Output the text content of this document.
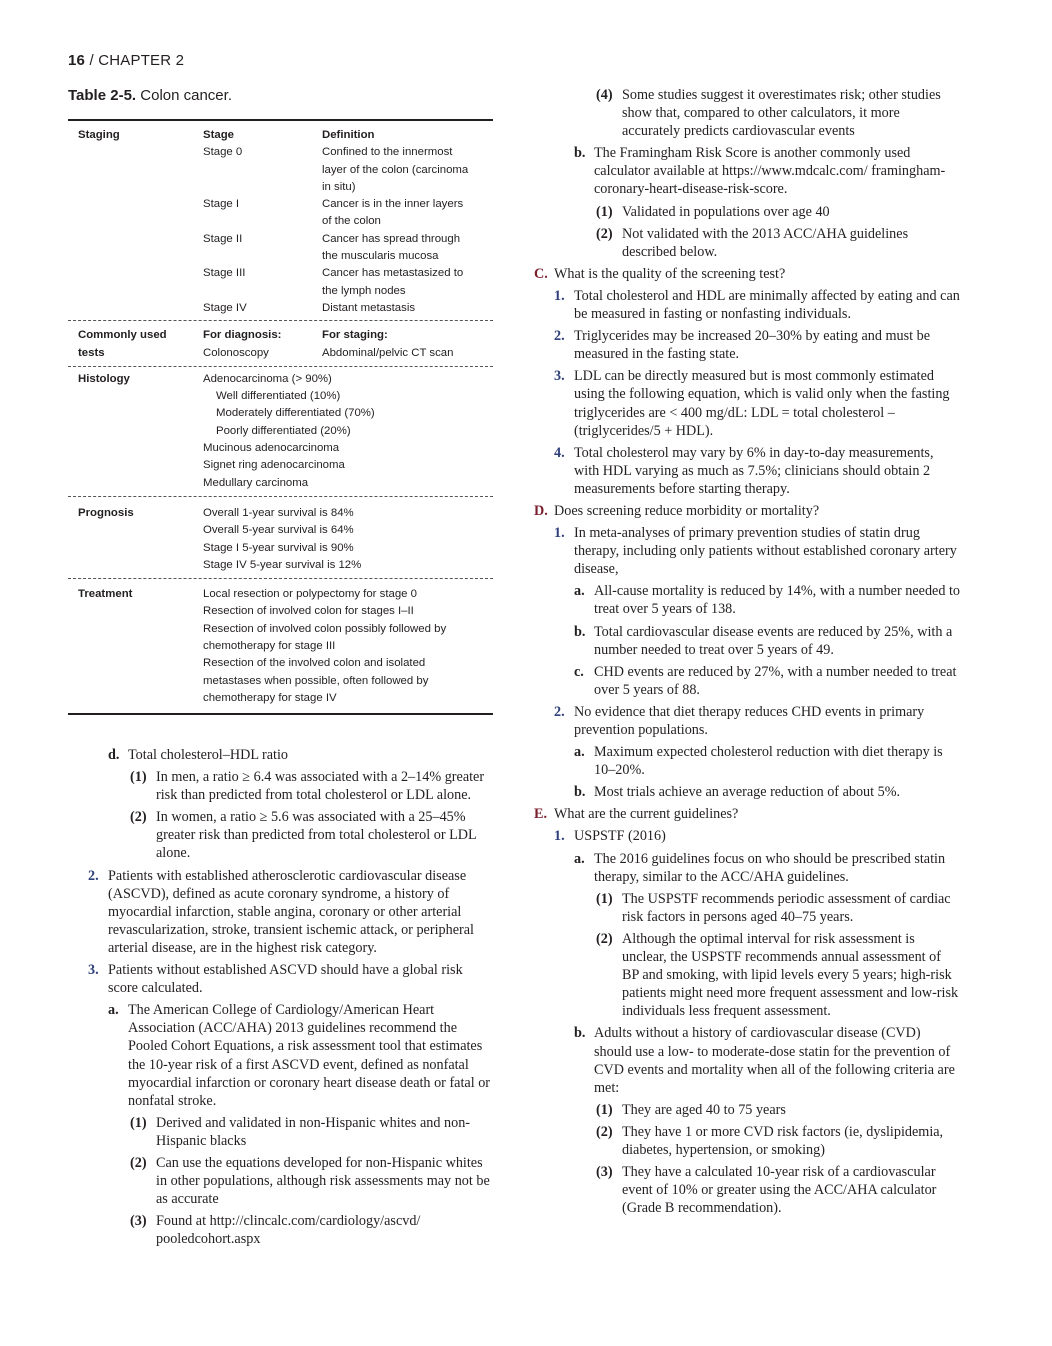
16 / CHAPTER 2
Table 2-5. Colon cancer.
Staging	Stage	Definition
Stage 0	Confined to the innermost
layer of the colon (carcinoma
in situ)
Stage I	Cancer is in the inner layers
of the colon
Stage II	Cancer has spread through
the muscularis mucosa
Stage III	Cancer has metastasized to
the lymph nodes
Stage IV	Distant metastasis
Commonly used	For diagnosis:	For staging:
tests	Colonoscopy	Abdominal/pelvic CT scan
Histology	Adenocarcinoma (> 90%)
Well differentiated (10%)
Moderately differentiated (70%)
Poorly differentiated (20%)
Mucinous adenocarcinoma
Signet ring adenocarcinoma
Medullary carcinoma
Prognosis	Overall 1-year survival is 84%
Overall 5-year survival is 64%
Stage I 5-year survival is 90%
Stage IV 5-year survival is 12%
Treatment	Local resection or polypectomy for stage 0
Resection of involved colon for stages I–II
Resection of involved colon possibly followed by
chemotherapy for stage III
Resection of the involved colon and isolated
metastases when possible, often followed by
chemotherapy for stage IV
d. Total cholesterol–HDL ratio
(1) In men, a ratio ≥ 6.4 was associated with a 2–14% greater risk than predicted from total cholesterol or LDL alone.
(2) In women, a ratio ≥ 5.6 was associated with a 25–45% greater risk than predicted from total cholesterol or LDL alone.
2. Patients with established atherosclerotic cardiovascular disease (ASCVD), defined as acute coronary syndrome, a history of myocardial infarction, stable angina, coronary or other arterial revascularization, stroke, transient ischemic attack, or peripheral arterial disease, are in the highest risk category.
3. Patients without established ASCVD should have a global risk score calculated.
a. The American College of Cardiology/American Heart Association (ACC/AHA) 2013 guidelines recommend the Pooled Cohort Equations, a risk assessment tool that estimates the 10-year risk of a first ASCVD event, defined as nonfatal myocardial infarction or coronary heart disease death or fatal or nonfatal stroke.
(1) Derived and validated in non-Hispanic whites and non-Hispanic blacks
(2) Can use the equations developed for non-Hispanic whites in other populations, although risk assessments may not be as accurate
(3) Found at http://clincalc.com/cardiology/ascvd/ pooledcohort.aspx
(4) Some studies suggest it overestimates risk; other studies show that, compared to other calculators, it more accurately predicts cardiovascular events
b. The Framingham Risk Score is another commonly used calculator available at https://www.mdcalc.com/ framingham-coronary-heart-disease-risk-score.
(1) Validated in populations over age 40
(2) Not validated with the 2013 ACC/AHA guidelines described below.
C. What is the quality of the screening test?
1. Total cholesterol and HDL are minimally affected by eating and can be measured in fasting or nonfasting individuals.
2. Triglycerides may be increased 20–30% by eating and must be measured in the fasting state.
3. LDL can be directly measured but is most commonly estimated using the following equation, which is valid only when the fasting triglycerides are < 400 mg/dL: LDL = total cholesterol – (triglycerides/5 + HDL).
4. Total cholesterol may vary by 6% in day-to-day measurements, with HDL varying as much as 7.5%; clinicians should obtain 2 measurements before starting therapy.
D. Does screening reduce morbidity or mortality?
1. In meta-analyses of primary prevention studies of statin drug therapy, including only patients without established coronary artery disease,
a. All-cause mortality is reduced by 14%, with a number needed to treat over 5 years of 138.
b. Total cardiovascular disease events are reduced by 25%, with a number needed to treat over 5 years of 49.
c. CHD events are reduced by 27%, with a number needed to treat over 5 years of 88.
2. No evidence that diet therapy reduces CHD events in primary prevention populations.
a. Maximum expected cholesterol reduction with diet therapy is 10–20%.
b. Most trials achieve an average reduction of about 5%.
E. What are the current guidelines?
1. USPSTF (2016)
a. The 2016 guidelines focus on who should be prescribed statin therapy, similar to the ACC/AHA guidelines.
(1) The USPSTF recommends periodic assessment of cardiac risk factors in persons aged 40–75 years.
(2) Although the optimal interval for risk assessment is unclear, the USPSTF recommends annual assessment of BP and smoking, with lipid levels every 5 years; high-risk patients might need more frequent assessment and low-risk individuals less frequent assessment.
b. Adults without a history of cardiovascular disease (CVD) should use a low- to moderate-dose statin for the prevention of CVD events and mortality when all of the following criteria are met:
(1) They are aged 40 to 75 years
(2) They have 1 or more CVD risk factors (ie, dyslipidemia, diabetes, hypertension, or smoking)
(3) They have a calculated 10-year risk of a cardiovascular event of 10% or greater using the ACC/AHA calculator (Grade B recommendation).
